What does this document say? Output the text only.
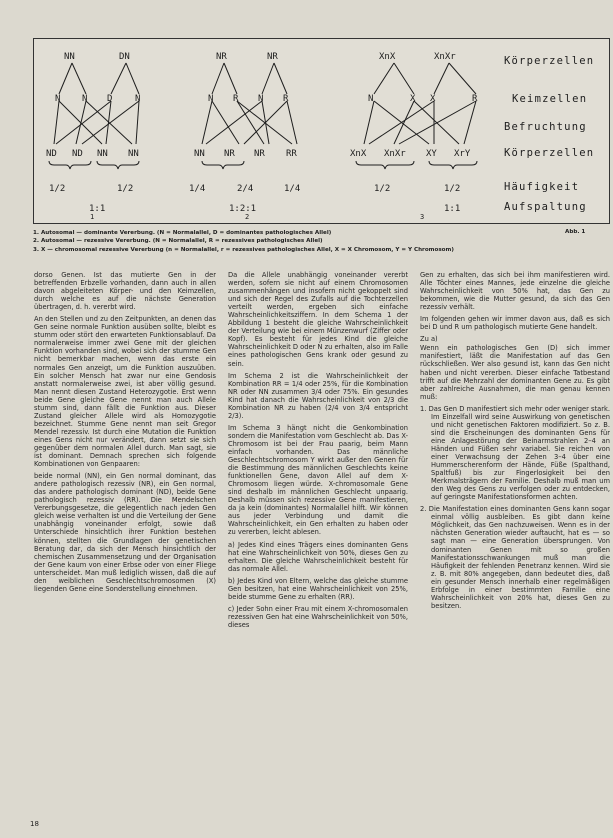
NN	DN
N N D	N
ND ND NN NN
NR	NR
N R N R
NN NR NR RR
XnX	XnXr
N	X X	R
XnX XnXr XY XrY
1/2	1/2	1/4	2/4	1/4	1/2	1/2
1:1	1:2:1	1:1
Körperzellen
Keimzellen
Befruchtung
Körperzellen
Häufigkeit
Aufspaltung
1	2	3
1. Autosomal — dominante Vererbung. (N = Normalallel, D = dominantes pathologisches Allel)
2. Autosomal — rezessive Vererbung. (N = Normalallel, R = rezessives pathologisches Allel)
3. X — chromosomal rezessive Vererbung (n = Normalallel, r = rezessives pathologisches Allel, X = X Chromosom, Y = Y Chromosom)
Abb. 1

dorso Genen. Ist das mutierte Gen in der betreffenden Erbzelle vorhanden, dann auch in allen davon abgeleiteten Körper- und den Keimzellen, durch welche es auf die nächste Generation übertragen, d. h. vererbt wird.

An den Stellen und zu den Zeitpunkten, an denen das Gen seine normale Funktion ausüben sollte, bleibt es stumm oder stört den erwarteten Funktionsablauf. Da normalerweise immer zwei Gene mit der gleichen Funktion vorhanden sind, wobei sich der stumme Gen nicht bemerkbar machen, wenn das erste ein normales Gen anzeigt, um die Funktion auszuüben. Ein solcher Mensch hat zwar nur eine Gendosis anstatt normalerweise zwei, ist aber völlig gesund. Man nennt diesen Zustand Heterozygotie. Erst wenn beide Gene gleiche Gene nennt man auch Allele stumm sind, dann fällt die Funktion aus. Dieser Zustand gleicher Allele wird als Homozygotie bezeichnet. Stumme Gene nennt man seit Gregor Mendel rezessiv. Ist durch eine Mutation die Funktion eines Gens nicht nur verändert, dann setzt sie sich gegenüber dem normalen Allel durch. Man sagt, sie ist dominant. Demnach sprechen sich folgende Kombinationen von Genpaaren:

beide normal (NN), ein Gen normal dominant, das andere pathologisch rezessiv (NR), ein Gen normal, das andere pathologisch dominant (ND), beide Gene pathologisch rezessiv (RR). Die Mendelschen Vererbungsgesetze, die gelegentlich nach jeden Gen gleich weise verhalten ist und die Verteilung der Gene unabhängig voneinander erfolgt, sowie daß Unterschiede hinsichtlich ihrer Funktion bestehen können, stellten die Grundlagen der genetischen Beratung dar, da sich der Mensch hinsichtlich der chemischen Zusammensetzung und der Organisation der Gene kaum von einer Erbse oder von einer Fliege unterscheidet. Man muß lediglich wissen, daß die auf den weiblichen Geschlechtschromosomen (X) liegenden Gene eine Sonderstellung einnehmen.

Da die Allele unabhängig voneinander vererbt werden, sofern sie nicht auf einem Chromosomen zusammenhängen und insofern nicht gekoppelt sind und sich der Regel des Zufalls auf die Tochterzellen verteilt werden, ergeben sich einfache Wahrscheinlichkeitsziffern. In dem Schema 1 der Abbildung 1 besteht die gleiche Wahrscheinlichkeit der Verteilung wie bei einem Münzenwurf (Ziffer oder Kopf). Es besteht für jedes Kind die gleiche Wahrscheinlichkeit D oder N zu erhalten, also im Falle eines pathologischen Gens krank oder gesund zu sein.

Im Schema 2 ist die Wahrscheinlichkeit der Kombination RR = 1/4 oder 25%, für die Kombination NR oder NN zusammen 3/4 oder 75%. Ein gesundes Kind hat danach die Wahrscheinlichkeit von 2/3 die Kombination NR zu haben (2/4 von 3/4 entspricht 2/3).

Im Schema 3 hängt nicht die Genkombination sondern die Manifestation vom Geschlecht ab. Das X-Chromosom ist bei der Frau paarig, beim Mann einfach vorhanden. Das männliche Geschlechtschromosom Y wirkt außer den Genen für die Bestimmung des männlichen Geschlechts keine funktionellen Gene, davon Allel auf dem X-Chromosom liegen würde. X-chromosomale Gene sind deshalb im männlichen Geschlecht unpaarig. Deshalb müssen sich rezessive Gene manifestieren, da ja kein (dominantes) Normalallel hilft. Wir können aus jeder Verbindung und damit die Wahrscheinlichkeit, ein Gen erhalten zu haben oder zu vererben, leicht ablesen.

a) Jedes Kind eines Trägers eines dominanten Gens hat eine Wahrscheinlichkeit von 50%, dieses Gen zu erhalten. Die gleiche Wahrscheinlichkeit besteht für das normale Allel.

b) Jedes Kind von Eltern, welche das gleiche stumme Gen besitzen, hat eine Wahrscheinlichkeit von 25%, beide stumme Gene zu erhalten (RR).

c) Jeder Sohn einer Frau mit einem X-chromosomalen rezessiven Gen hat eine Wahrscheinlichkeit von 50%, dieses

Gen zu erhalten, das sich bei ihm manifestieren wird. Alle Töchter eines Mannes, jede einzelne die gleiche Wahrscheinlichkeit von 50% hat, das Gen zu bekommen, wie die Mutter gesund, da sich das Gen rezessiv verhält.

Im folgenden gehen wir immer davon aus, daß es sich bei D und R um pathologisch mutierte Gene handelt.

Zu a)

Wenn ein pathologisches Gen (D) sich immer manifestiert, läßt die Manifestation auf das Gen rückschließen. Wer also gesund ist, kann das Gen nicht haben und nicht vererben. Dieser einfache Tatbestand trifft auf die Mehrzahl der dominanten Gene zu. Es gibt aber zahlreiche Ausnahmen, die man genau kennen muß:

1. Das Gen D manifestiert sich mehr oder weniger stark. Im Einzelfall wird seine Auswirkung von genetischen und nicht genetischen Faktoren modifiziert. So z. B. sind die Erscheinungen des dominanten Gens für eine Anlagestörung der Beinarmstrahlen 2–4 an Händen und Füßen sehr variabel. Sie reichen von einer Verwachsung der Zehen 3–4 über eine Hummerscherenform der Hände, Füße (Spalthand, Spaltfuß) bis zur Fingerlosigkeit bei den Merkmalsträgern der Familie. Deshalb muß man um den Weg des Gens zu verfolgen oder zu entdecken, auf geringste Manifestationsformen achten.

2. Die Manifestation eines dominanten Gens kann sogar einmal völlig ausbleiben. Es gibt dann keine Möglichkeit, das Gen nachzuweisen. Wenn es in der nächsten Generation wieder auftaucht, hat es — so sagt man — eine Generation übersprungen. Von dominanten Genen mit so großen Manifestationsschwankungen muß man die Häufigkeit der fehlenden Penetranz kennen. Wird sie z. B. mit 80% angegeben, dann bedeutet dies, daß ein gesunder Mensch innerhalb einer regelmäßigen Erbfolge in einer bestimmten Familie eine Wahrscheinlichkeit von 20% hat, dieses Gen zu besitzen.

18
